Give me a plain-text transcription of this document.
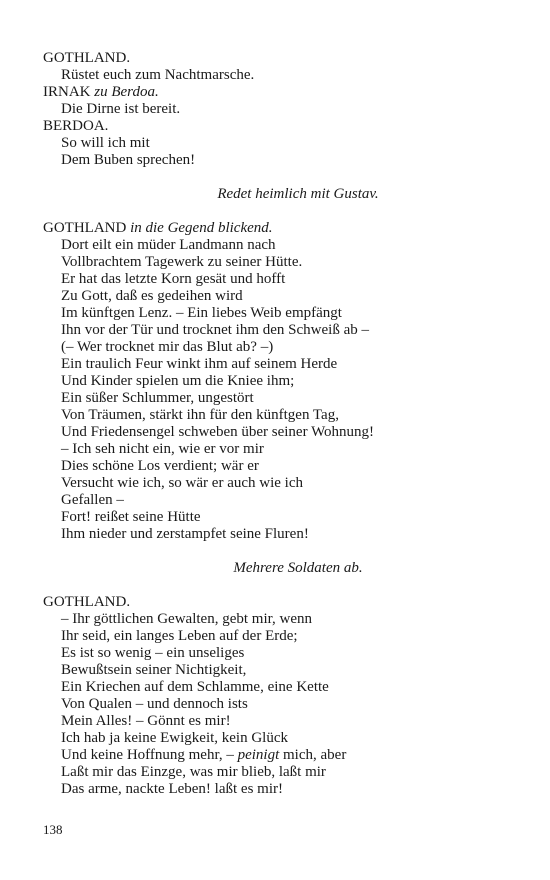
GOTHLAND.
Rüstet euch zum Nachtmarsche.
IRNAK zu Berdoa.
Die Dirne ist bereit.
BERDOA.
So will ich mit
Dem Buben sprechen!
Redet heimlich mit Gustav.
GOTHLAND in die Gegend blickend.
Dort eilt ein müder Landmann nach
Vollbrachtem Tagewerk zu seiner Hütte.
Er hat das letzte Korn gesät und hofft
Zu Gott, daß es gedeihen wird
Im künftgen Lenz. – Ein liebes Weib empfängt
Ihn vor der Tür und trocknet ihm den Schweiß ab –
(– Wer trocknet mir das Blut ab? –)
Ein traulich Feur winkt ihm auf seinem Herde
Und Kinder spielen um die Kniee ihm;
Ein süßer Schlummer, ungestört
Von Träumen, stärkt ihn für den künftgen Tag,
Und Friedensengel schweben über seiner Wohnung!
– Ich seh nicht ein, wie er vor mir
Dies schöne Los verdient; wär er
Versucht wie ich, so wär er auch wie ich
Gefallen –
Fort! reißet seine Hütte
Ihm nieder und zerstampfet seine Fluren!
Mehrere Soldaten ab.
GOTHLAND.
– Ihr göttlichen Gewalten, gebt mir, wenn
Ihr seid, ein langes Leben auf der Erde;
Es ist so wenig – ein unseliges
Bewußtsein seiner Nichtigkeit,
Ein Kriechen auf dem Schlamme, eine Kette
Von Qualen – und dennoch ists
Mein Alles! – Gönnt es mir!
Ich hab ja keine Ewigkeit, kein Glück
Und keine Hoffnung mehr, – peinigt mich, aber
Laßt mir das Einzge, was mir blieb, laßt mir
Das arme, nackte Leben! laßt es mir!
138
